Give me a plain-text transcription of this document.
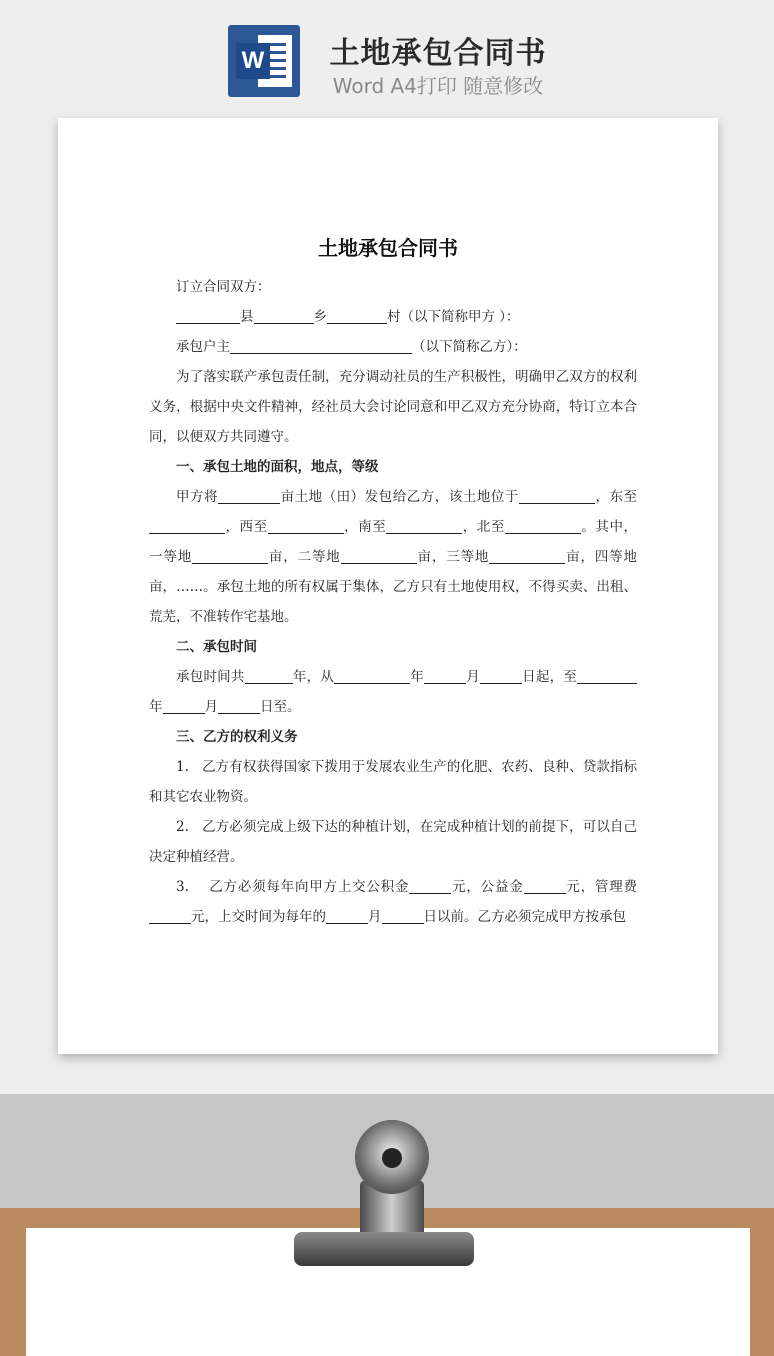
W	土地承包合同书
Word A4打印 随意修改
土地承包合同书

订立合同双方：

县	乡	村（以下简称甲方 ）：

承包户主	（以下简称乙方）：

为了落实联产承包责任制，充分调动社员的生产积极性，明确甲乙双方的权利义务，根据中央文件精神，经社员大会讨论同意和甲乙双方充分协商，特订立本合同，以便双方共同遵守。

一、承包土地的面积，地点，等级

甲方将	亩土地（田）发包给乙方，该土地位于	，东至，西至	，南至	，北至	。其中，一等地	亩，二等地	亩，三等地	亩，四等地亩，……。承包土地的所有权属于集体，乙方只有土地使用权，不得买卖、出租、荒芜，不准转作宅基地。

二、承包时间

承包时间共	年，从	年	月	日起，至年	月	日至。

三、乙方的权利义务

1. 乙方有权获得国家下拨用于发展农业生产的化肥、农药、良种、贷款指标和其它农业物资。

2. 乙方必须完成上级下达的种植计划，在完成种植计划的前提下，可以自己决定种植经营。

3. 乙方必须每年向甲方上交公积金	元，公益金	元，管理费元，上交时间为每年的	月	日以前。乙方必须完成甲方按承包
